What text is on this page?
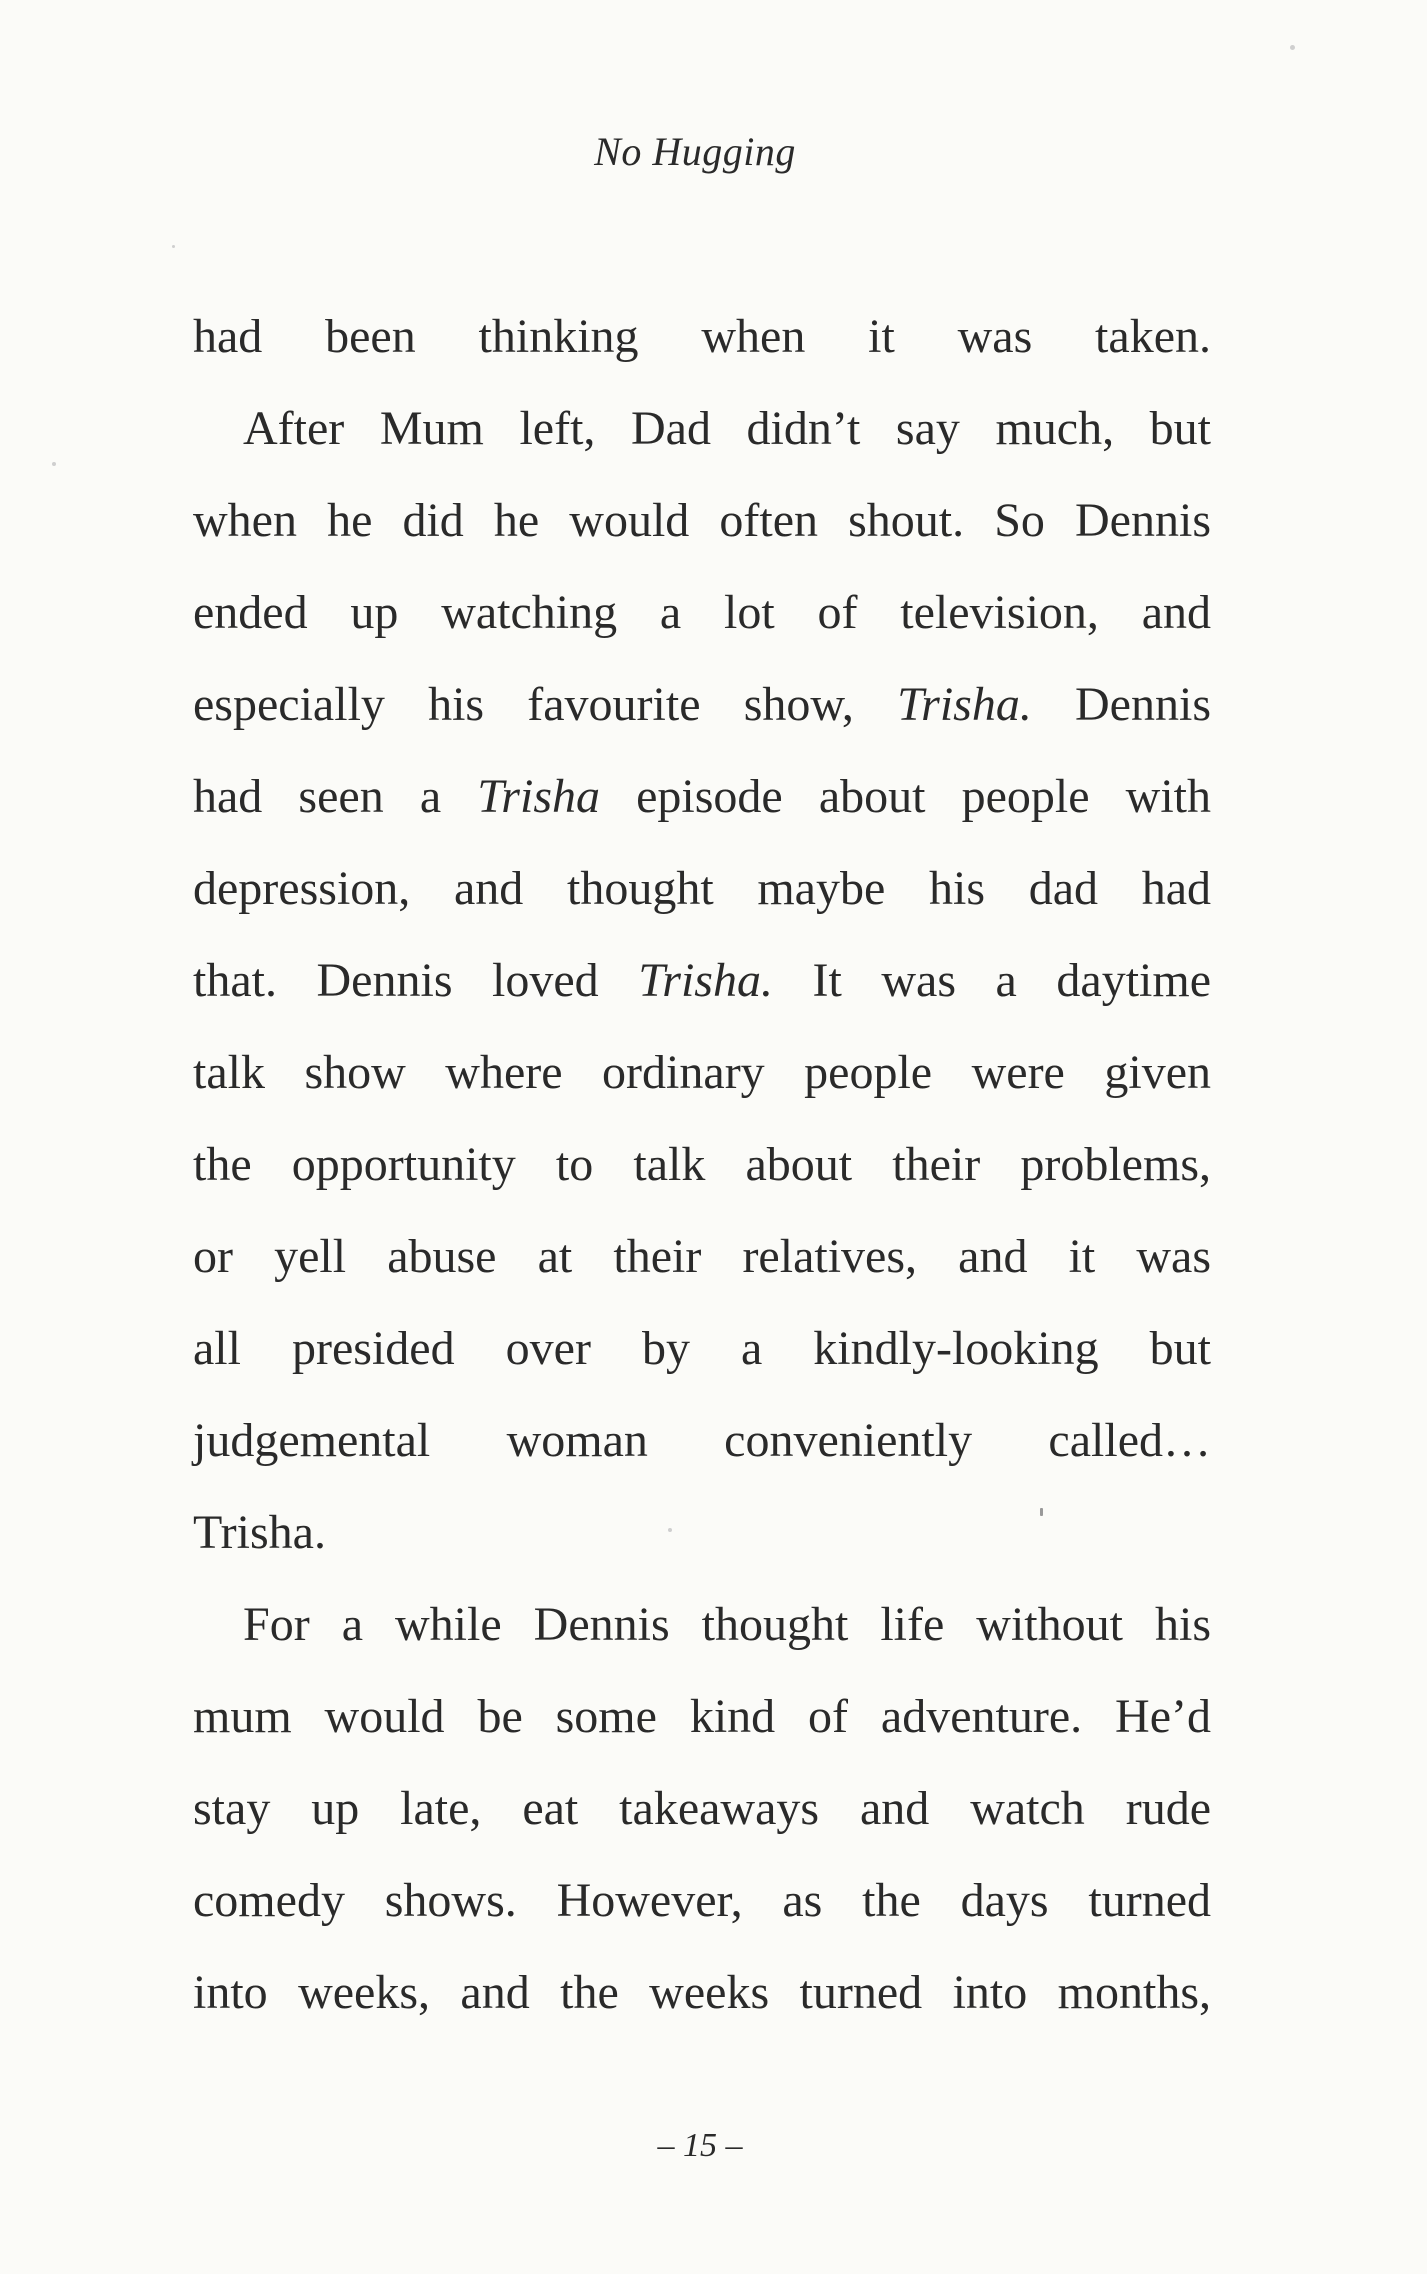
No Hugging
had been thinking when it was taken.
After Mum left, Dad didn’t say much, but
when he did he would often shout. So Dennis
ended up watching a lot of television, and
especially his favourite show, Trisha. Dennis
had seen a Trisha episode about people with
depression, and thought maybe his dad had
that. Dennis loved Trisha. It was a daytime
talk show where ordinary people were given
the opportunity to talk about their problems,
or yell abuse at their relatives, and it was
all presided over by a kindly-looking but
judgemental woman conveniently called…
Trisha.
For a while Dennis thought life without his
mum would be some kind of adventure. He’d
stay up late, eat takeaways and watch rude
comedy shows. However, as the days turned
into weeks, and the weeks turned into months,
– 15 –
